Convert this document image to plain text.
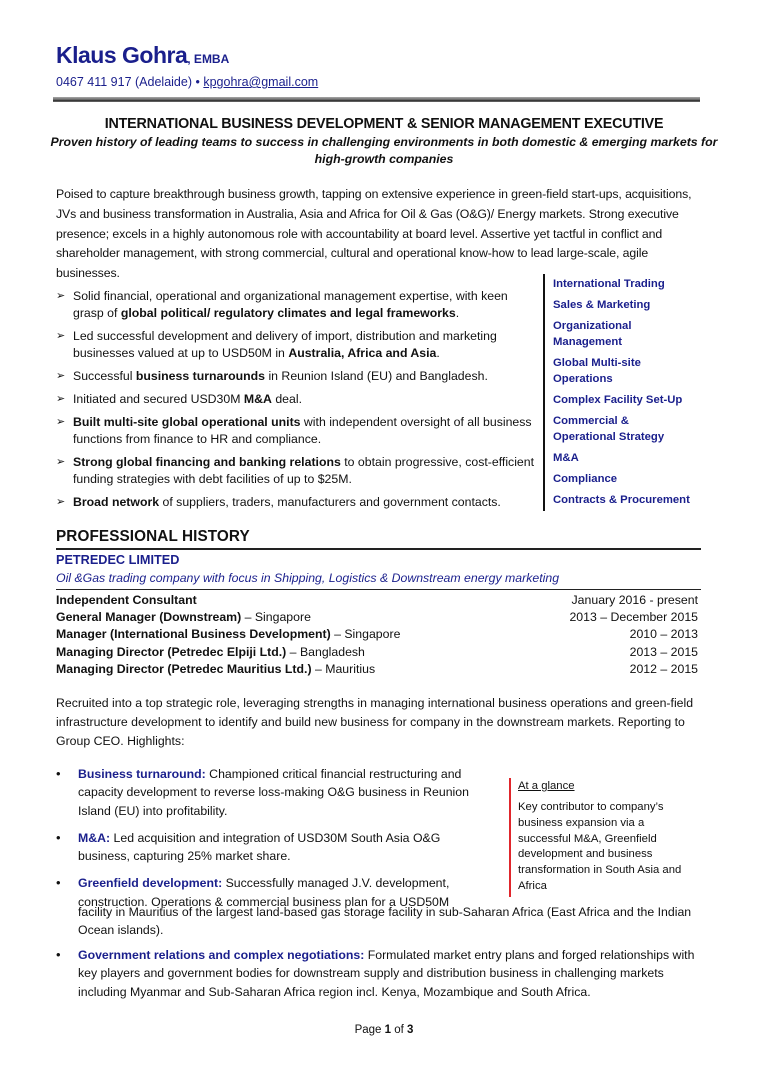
Klaus Gohra, EMBA
0467 411 917 (Adelaide) • kpgohra@gmail.com
INTERNATIONAL BUSINESS DEVELOPMENT & SENIOR MANAGEMENT EXECUTIVE
Proven history of leading teams to success in challenging environments in both domestic & emerging markets for high-growth companies
Poised to capture breakthrough business growth, tapping on extensive experience in green-field start-ups, acquisitions, JVs and business transformation in Australia, Asia and Africa for Oil & Gas (O&G)/ Energy markets. Strong executive presence; excels in a highly autonomous role with accountability at board level. Assertive yet tactful in conflict and shareholder management, with strong commercial, cultural and operational know-how to lead large-scale, agile businesses.
➢ Solid financial, operational and organizational management expertise, with keen grasp of global political/ regulatory climates and legal frameworks.
➢ Led successful development and delivery of import, distribution and marketing businesses valued at up to USD50M in Australia, Africa and Asia.
➢ Successful business turnarounds in Reunion Island (EU) and Bangladesh.
➢ Initiated and secured USD30M M&A deal.
➢ Built multi-site global operational units with independent oversight of all business functions from finance to HR and compliance.
➢ Strong global financing and banking relations to obtain progressive, cost-efficient funding strategies with debt facilities of up to $25M.
➢ Broad network of suppliers, traders, manufacturers and government contacts.
International Trading
Sales & Marketing
Organizational Management
Global Multi-site Operations
Complex Facility Set-Up
Commercial & Operational Strategy
M&A
Compliance
Contracts & Procurement
PROFESSIONAL HISTORY
PETREDEC LIMITED
Oil &Gas trading company with focus in Shipping, Logistics & Downstream energy marketing
Independent Consultant	January 2016 - present
General Manager (Downstream) – Singapore	2013 – December 2015
Manager (International Business Development) – Singapore	2010 – 2013
Managing Director (Petredec Elpiji Ltd.) – Bangladesh	2013 – 2015
Managing Director (Petredec Mauritius Ltd.) – Mauritius	2012 – 2015
Recruited into a top strategic role, leveraging strengths in managing international business operations and green-field infrastructure development to identify and build new business for company in the downstream markets. Reporting to Group CEO. Highlights:
• Business turnaround: Championed critical financial restructuring and capacity development to reverse loss-making O&G business in Reunion Island (EU) into profitability.
• M&A: Led acquisition and integration of USD30M South Asia O&G business, capturing 25% market share.
• Greenfield development: Successfully managed J.V. development, construction. Operations & commercial business plan for a USD50M
facility in Mauritius of the largest land-based gas storage facility in sub-Saharan Africa (East Africa and the Indian Ocean islands).
• Government relations and complex negotiations: Formulated market entry plans and forged relationships with key players and government bodies for downstream supply and distribution business in challenging markets including Myanmar and Sub-Saharan Africa region incl. Kenya, Mozambique and South Africa.
At a glance
Key contributor to company’s business expansion via a successful M&A, Greenfield development and business transformation in South Asia and Africa
Page 1 of 3
